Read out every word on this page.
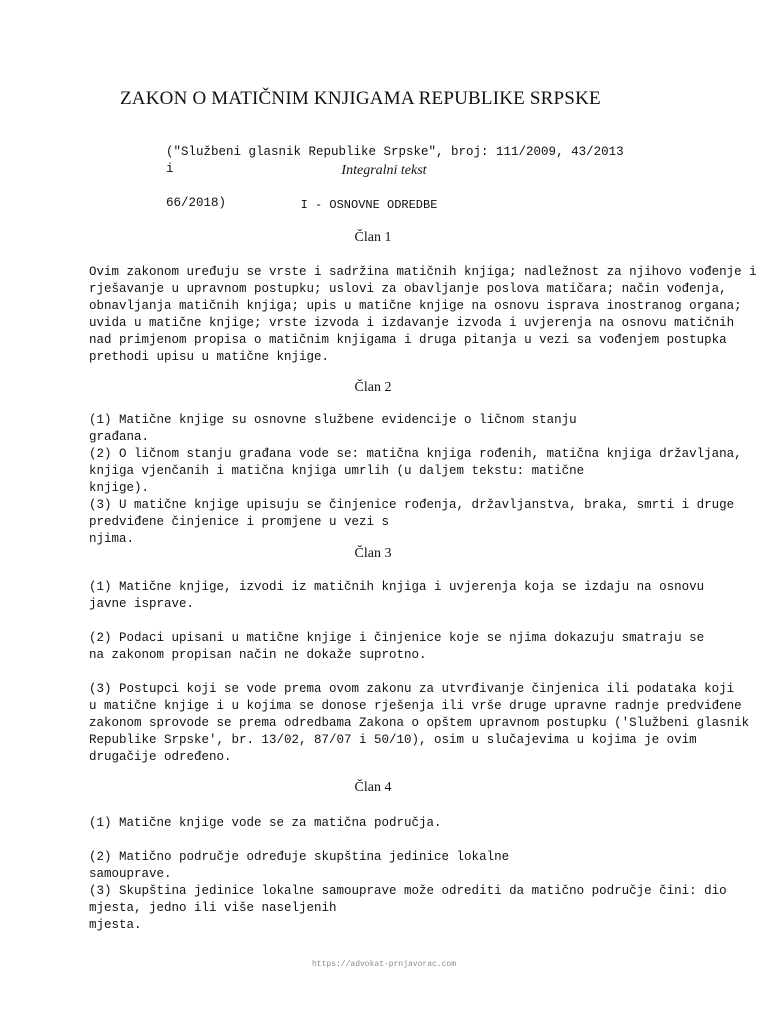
ZAKON O MATIČNIM KNJIGAMA REPUBLIKE SRPSKE

("Službeni glasnik Republike Srpske", broj: 111/2009, 43/2013 i

66/2018)

Integralni tekst
I - OSNOVNE ODREDBE
Član 1
Ovim zakonom uređuju se vrste i sadržina matičnih knjiga; nadležnost za njihovo vođenje i
rješavanje u upravnom postupku; uslovi za obavljanje poslova matičara; način vođenja,
obnavljanja matičnih knjiga; upis u matične knjige na osnovu isprava inostranog organa;
uvida u matične knjige; vrste izvoda i izdavanje izvoda i uvjerenja na osnovu matičnih
nad primjenom propisa o matičnim knjigama i druga pitanja u vezi sa vođenjem postupka
prethodi upisu u matične knjige.
Član 2
(1) Matične knjige su osnovne službene evidencije o ličnom stanju
građana.
(2) O ličnom stanju građana vode se: matična knjiga rođenih, matična knjiga državljana,
knjiga vjenčanih i matična knjiga umrlih (u daljem tekstu: matične
knjige).
(3) U matične knjige upisuju se činjenice rođenja, državljanstva, braka, smrti i druge
predviđene činjenice i promjene u vezi s
njima.
Član 3
(1) Matične knjige, izvodi iz matičnih knjiga i uvjerenja koja se izdaju na osnovu
javne isprave.
(2) Podaci upisani u matične knjige i činjenice koje se njima dokazuju smatraju se
na zakonom propisan način ne dokaže suprotno.
(3) Postupci koji se vode prema ovom zakonu za utvrđivanje činjenica ili podataka koji
u matične knjige i u kojima se donose rješenja ili vrše druge upravne radnje predviđene
zakonom sprovode se prema odredbama Zakona o opštem upravnom postupku ('Službeni glasnik
Republike Srpske', br. 13/02, 87/07 i 50/10), osim u slučajevima u kojima je ovim
drugačije određeno.
Član 4
(1) Matične knjige vode se za matična područja.
(2) Matično područje određuje skupština jedinice lokalne
samouprave.
(3) Skupština jedinice lokalne samouprave može odrediti da matično područje čini: dio
mjesta, jedno ili više naseljenih
mjesta.
https://advokat-prnjavorac.com
